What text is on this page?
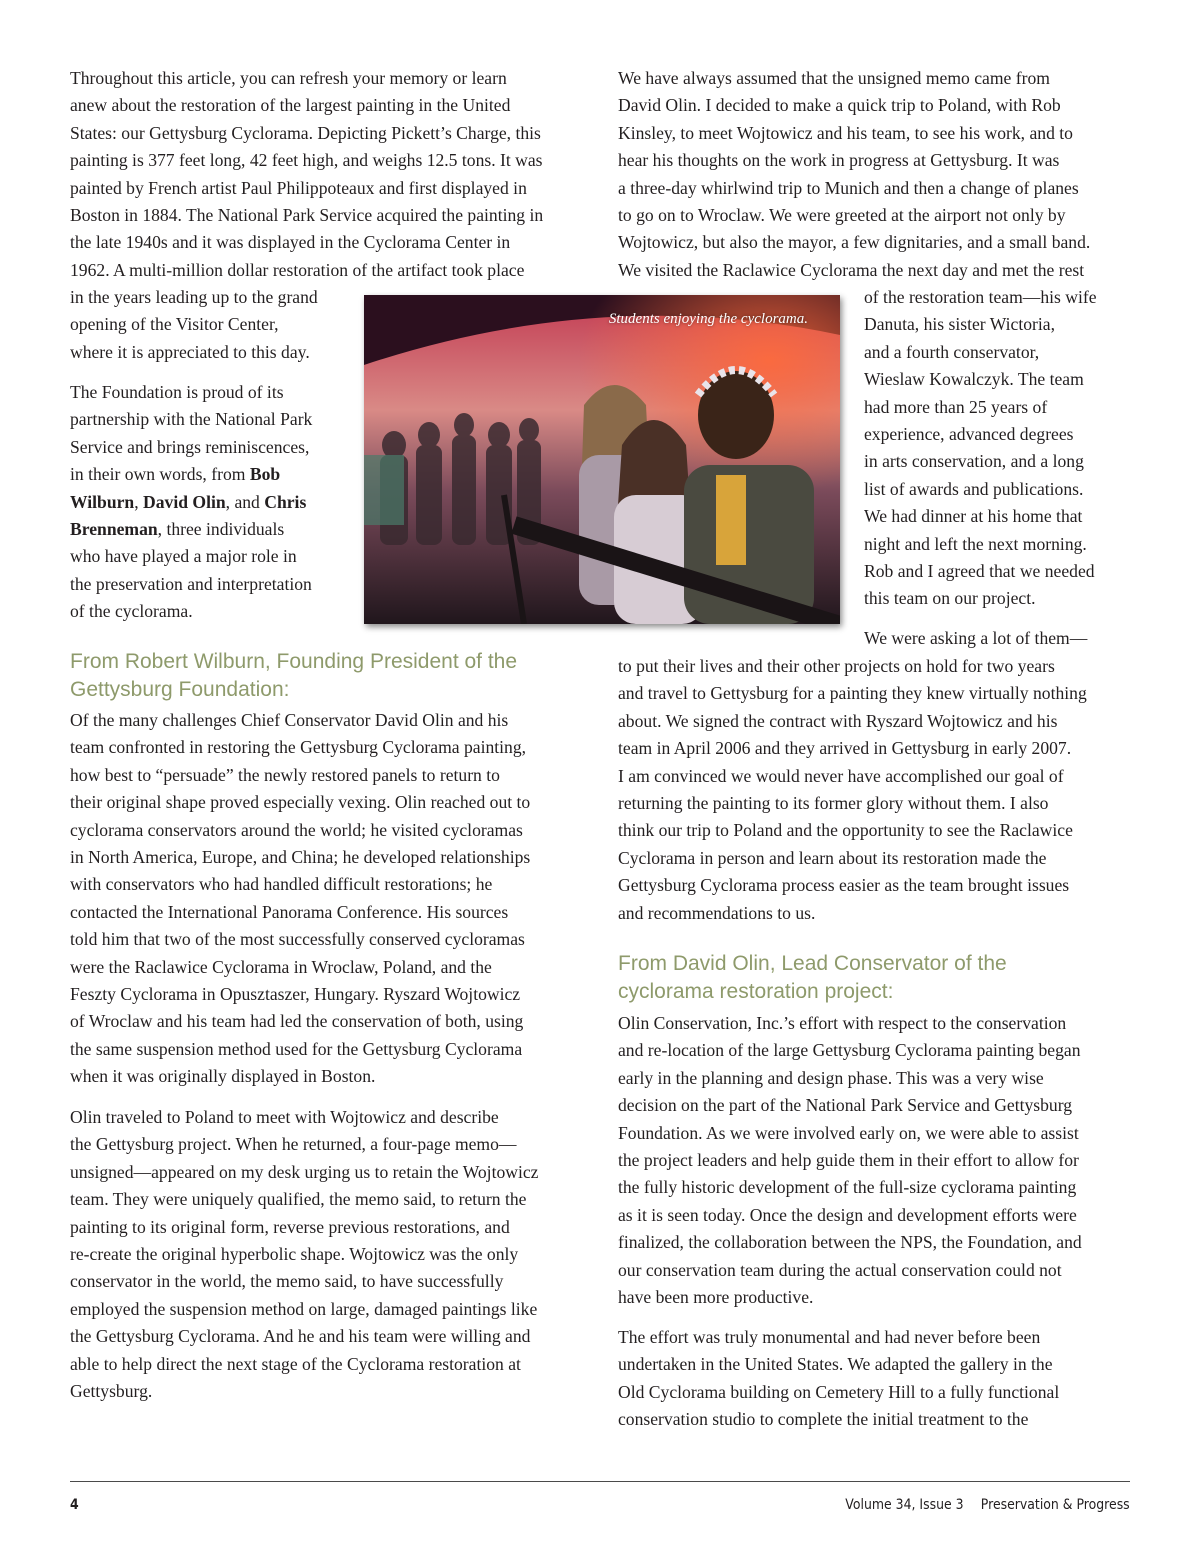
Throughout this article, you can refresh your memory or learn
anew about the restoration of the largest painting in the United
States: our Gettysburg Cyclorama. Depicting Pickett’s Charge, this
painting is 377 feet long, 42 feet high, and weighs 12.5 tons. It was
painted by French artist Paul Philippoteaux and first displayed in
Boston in 1884. The National Park Service acquired the painting in
the late 1940s and it was displayed in the Cyclorama Center in
1962. A multi-million dollar restoration of the artifact took place

in the years leading up to the grand
opening of the Visitor Center,
where it is appreciated to this day.

The Foundation is proud of its
partnership with the National Park
Service and brings reminiscences,
in their own words, from Bob
Wilburn, David Olin, and Chris
Brenneman, three individuals
who have played a major role in
the preservation and interpretation
of the cyclorama.

Students enjoying the cyclorama.
From Robert Wilburn, Founding President of the
Gettysburg Foundation:

Of the many challenges Chief Conservator David Olin and his
team confronted in restoring the Gettysburg Cyclorama painting,
how best to “persuade” the newly restored panels to return to
their original shape proved especially vexing. Olin reached out to
cyclorama conservators around the world; he visited cycloramas
in North America, Europe, and China; he developed relationships
with conservators who had handled difficult restorations; he
contacted the International Panorama Conference. His sources
told him that two of the most successfully conserved cycloramas
were the Raclawice Cyclorama in Wroclaw, Poland, and the
Feszty Cyclorama in Opusztaszer, Hungary. Ryszard Wojtowicz
of Wroclaw and his team had led the conservation of both, using
the same suspension method used for the Gettysburg Cyclorama
when it was originally displayed in Boston.

Olin traveled to Poland to meet with Wojtowicz and describe
the Gettysburg project. When he returned, a four-page memo—
unsigned—appeared on my desk urging us to retain the Wojtowicz
team. They were uniquely qualified, the memo said, to return the
painting to its original form, reverse previous restorations, and
re-create the original hyperbolic shape. Wojtowicz was the only
conservator in the world, the memo said, to have successfully
employed the suspension method on large, damaged paintings like
the Gettysburg Cyclorama. And he and his team were willing and
able to help direct the next stage of the Cyclorama restoration at
Gettysburg.

We have always assumed that the unsigned memo came from
David Olin. I decided to make a quick trip to Poland, with Rob
Kinsley, to meet Wojtowicz and his team, to see his work, and to
hear his thoughts on the work in progress at Gettysburg. It was
a three-day whirlwind trip to Munich and then a change of planes
to go on to Wroclaw. We were greeted at the airport not only by
Wojtowicz, but also the mayor, a few dignitaries, and a small band.
We visited the Raclawice Cyclorama the next day and met the rest

of the restoration team—his wife
Danuta, his sister Wictoria,
and a fourth conservator,
Wieslaw Kowalczyk. The team
had more than 25 years of
experience, advanced degrees
in arts conservation, and a long
list of awards and publications.
We had dinner at his home that
night and left the next morning.
Rob and I agreed that we needed
this team on our project.

We were asking a lot of them—

to put their lives and their other projects on hold for two years
and travel to Gettysburg for a painting they knew virtually nothing
about. We signed the contract with Ryszard Wojtowicz and his
team in April 2006 and they arrived in Gettysburg in early 2007.
I am convinced we would never have accomplished our goal of
returning the painting to its former glory without them. I also
think our trip to Poland and the opportunity to see the Raclawice
Cyclorama in person and learn about its restoration made the
Gettysburg Cyclorama process easier as the team brought issues
and recommendations to us.

From David Olin, Lead Conservator of the
cyclorama restoration project:

Olin Conservation, Inc.’s effort with respect to the conservation
and re-location of the large Gettysburg Cyclorama painting began
early in the planning and design phase. This was a very wise
decision on the part of the National Park Service and Gettysburg
Foundation. As we were involved early on, we were able to assist
the project leaders and help guide them in their effort to allow for
the fully historic development of the full-size cyclorama painting
as it is seen today. Once the design and development efforts were
finalized, the collaboration between the NPS, the Foundation, and
our conservation team during the actual conservation could not
have been more productive.

The effort was truly monumental and had never before been
undertaken in the United States. We adapted the gallery in the
Old Cyclorama building on Cemetery Hill to a fully functional
conservation studio to complete the initial treatment to the

4	Volume 34, Issue 3 Preservation & Progress
